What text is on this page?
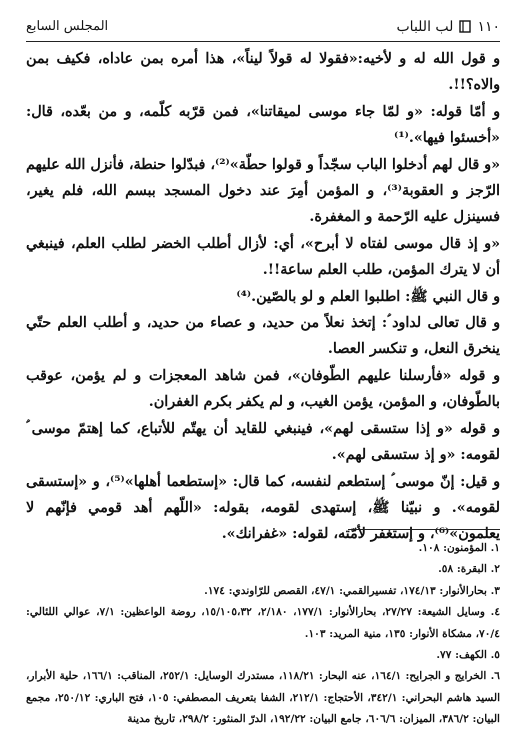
١١٠
لب اللباب
المجلس السابع

و قول الله له و لأخيه:«فقولا له قولاً ليناً»، هذا أمره بمن عاداه، فكيف بمن والاه؟!!.

و أمّا قوله: «و لمّا جاء موسى لميقاتنا»، فمن قرّبه كلّمه، و من بعّده، قال: «أخسئوا فيها».⁽¹⁾

«و قال لهم أدخلوا الباب سجّداً و قولوا حطّة»⁽²⁾، فبدّلوا حنطة، فأنزل الله عليهم الرّجز و العقوبة⁽³⁾، و المؤمن أمِرَ عند دخول المسجد ببسم الله، فلم يغير، فسينزل عليه الرّحمة و المغفرة.

«و إذ قال موسى لفتاه لا أبرح»، أي: لأزال أطلب الخضر لطلب العلم، فينبغي أن لا يترك المؤمن، طلب العلم ساعة!!.

و قال النبي ﷺ: اطلبوا العلم و لو بالصّين.⁽⁴⁾

و قال تعالى لداود ؑ: إتخذ نعلاً من حديد، و عصاء من حديد، و أطلب العلم حتّي ينخرق النعل، و تنكسر العصا.

و قوله «فأرسلنا عليهم الطّوفان»، فمن شاهد المعجزات و لم يؤمن، عوقب بالطّوفان، و المؤمن، يؤمن الغيب، و لم يكفر بكرم الغفران.

و قوله «و إذا ستسقى لهم»، فينبغي للقايد أن يهتّم للأتباع، كما إهتمّ موسى ؑ لقومه: «و إذ ستسقى لهم».

و قيل: إنّ موسى ؑ إستطعم لنفسه، كما قال: «إستطعما أهلها»⁽⁵⁾، و «إستسقى لقومه». و نبيّنا ﷺ، إستهدى لقومه، بقوله: «اللّهم أهد قومي فإنّهم لا يعلمون»⁽⁶⁾، و إستغفر لأمّته، لقوله: «غفرانك».

١. المؤمنون: ١٠٨.

٢. البقرة: ٥٨.

٣. بحارالأنوار: ١٧٤/١٣، تفسيرالقمي: ٤٧/١، القصص للرّاوندي: ١٧٤.

٤. وسايل الشيعة: ٢٧/٢٧، بحارالأنوار: ١٧٧/١، ٢/١٨٠، ١٥/١٠٥،٣٢، روضة الواعظين: ٧/١، عوالي اللئالي: ٧٠/٤، مشكاة الأنوار: ١٣٥، منية المريد: ١٠٣.

٥. الكهف: ٧٧.

٦. الخرايج و الجرايح: ١٦٤/١، عنه البحار: ١١٨/٢١، مستدرك الوسايل: ٢٥٢/١، المناقب: ١٦٦/١، حلية الأبرار، السيد هاشم البحراني: ٣٤٢/١، الأحتجاج: ٢١٢/١، الشفا بتعريف المصطفي: ١٠٥، فتح الباري: ٢٥٠/١٢، مجمع البيان: ٣٨٦/٢، الميزان: ٦٠٦/٦، جامع البيان: ١٩٢/٢٢، الدرّ المنثور: ٢٩٨/٢، تاريخ مدينة
